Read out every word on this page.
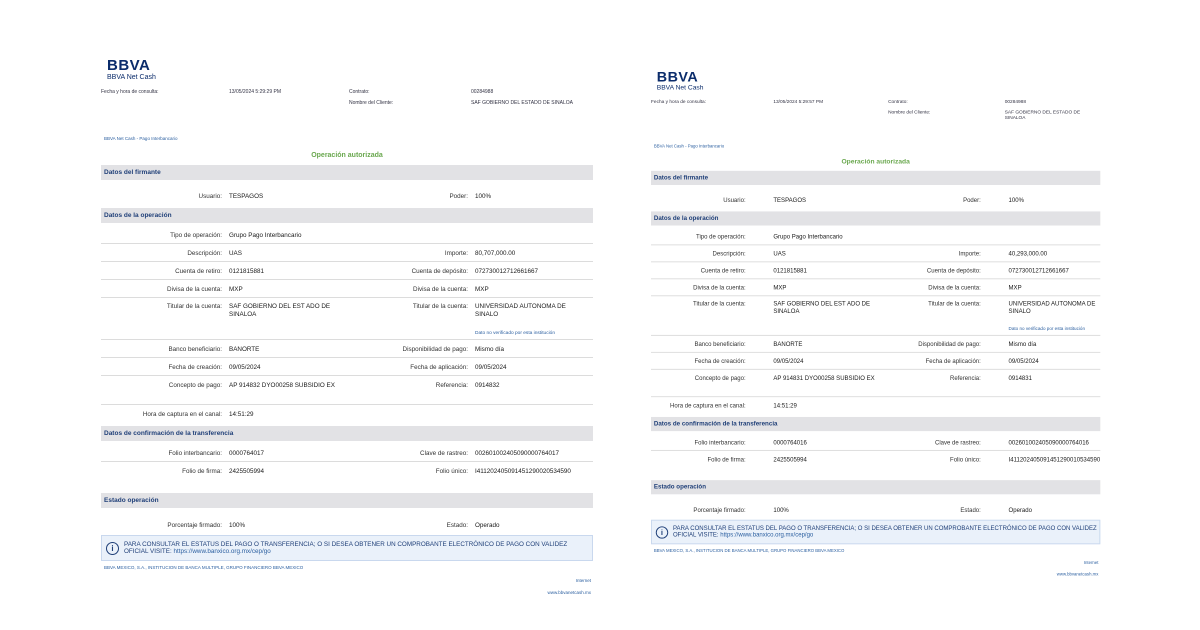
BBVA
BBVA Net Cash
Fecha y hora de consulta:	13/05/2024 5:29:29 PM	Contrato:	00284988
Nombre del Cliente:	SAF GOBIERNO DEL ESTADO DE SINALOA
BBVA Net Cash - Pago Interbancario
Operación autorizada
Datos del firmante
Usuario: TESPAGOS	Poder: 100%
Datos de la operación
Tipo de operación: Grupo Pago Interbancario
Descripción: UAS	Importe: 80,707,000.00
Cuenta de retiro: 0121815881	Cuenta de depósito: 072730012712661667
Divisa de la cuenta: MXP	Divisa de la cuenta: MXP
Titular de la cuenta: SAF GOBIERNO DEL EST ADO DE SINALOA
Titular de la cuenta: UNIVERSIDAD AUTONOMA DE SINALO
Dato no verificado por esta institución
Banco beneficiario: BANORTE	Disponibilidad de pago: Mismo día
Fecha de creación: 09/05/2024	Fecha de aplicación: 09/05/2024
Concepto de pago: AP 914832 DYO00258 SUBSIDIO EX	Referencia: 0914832
Hora de captura en el canal: 14:51:29
Datos de confirmación de la transferencia
Folio interbancario: 0000764017	Clave de rastreo: 002601002405090000764017
Folio de firma: 2425505994	Folio único: I411202405091451290020534590
Estado operación
Porcentaje firmado: 100%	Estado: Operado
i	PARA CONSULTAR EL ESTATUS DEL PAGO O TRANSFERENCIA; O SI DESEA OBTENER UN COMPROBANTE ELECTRÓNICO DE PAGO CON VALIDEZ OFICIAL VISITE: https://www.banxico.org.mx/cep/go
BBVA MEXICO, S.A., INSTITUCION DE BANCA MULTIPLE, GRUPO FINANCIERO BBVA MEXICO
Internet
www.bbvanetcash.mx
BBVA
BBVA Net Cash
Fecha y hora de consulta:	13/05/2024 5:29:57 PM	Contrato:	00284988
Nombre del Cliente:	SAF GOBIERNO DEL ESTADO DE SINALOA
BBVA Net Cash - Pago Interbancario
Operación autorizada
Datos del firmante
Usuario:	TESPAGOS	Poder:	100%
Datos de la operación
Tipo de operación:	Grupo Pago Interbancario
Descripción:	UAS	Importe:	40,293,000.00
Cuenta de retiro:	0121815881	Cuenta de depósito:	072730012712661667
Divisa de la cuenta:	MXP	Divisa de la cuenta:	MXP
Titular de la cuenta:	SAF GOBIERNO DEL EST ADO DE SINALOA
Titular de la cuenta:	UNIVERSIDAD AUTONOMA DE SINALO
Dato no verificado por esta institución
Banco beneficiario:	BANORTE	Disponibilidad de pago:	Mismo día
Fecha de creación:	09/05/2024	Fecha de aplicación:	09/05/2024
Concepto de pago:	AP 914831 DYO00258 SUBSIDIO EX	Referencia:	0914831
Hora de captura en el canal:	14:51:29
Datos de confirmación de la transferencia
Folio interbancario:	0000764016	Clave de rastreo:	002601002405090000764016
Folio de firma:	2425505994	Folio único:	I411202405091451290010534590
Estado operación
Porcentaje firmado:	100%	Estado:	Operado
i	PARA CONSULTAR EL ESTATUS DEL PAGO O TRANSFERENCIA; O SI DESEA OBTENER UN COMPROBANTE ELECTRÓNICO DE PAGO CON VALIDEZ OFICIAL VISITE: https://www.banxico.org.mx/cep/go
BBVA MEXICO, S.A., INSTITUCION DE BANCA MULTIPLE, GRUPO FINANCIERO BBVA MEXICO
Internet
www.bbvanetcash.mx
